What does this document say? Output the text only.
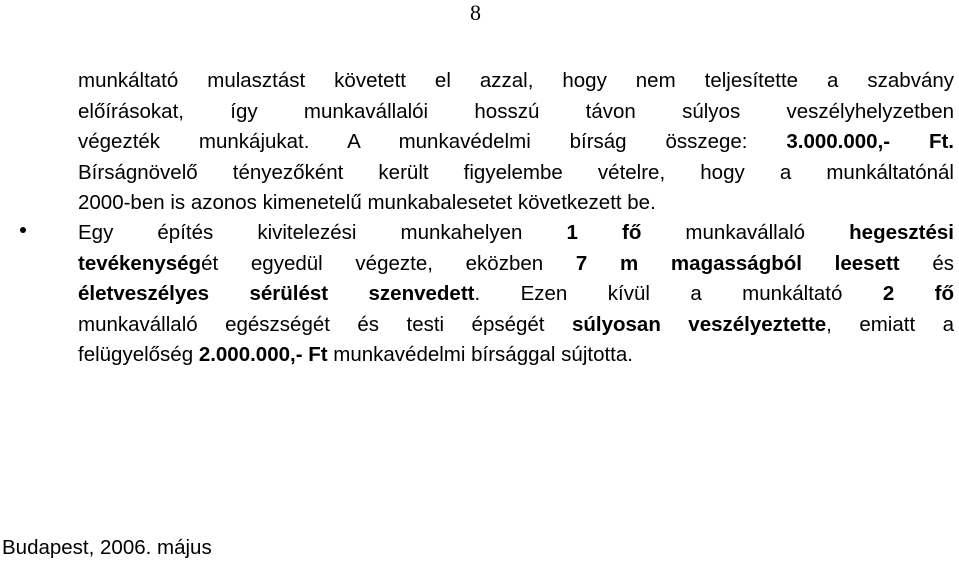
8
munkáltató mulasztást követett el azzal, hogy nem teljesítette a szabvány
előírásokat, így munkavállalói hosszú távon súlyos veszélyhelyzetben
végezték munkájukat. A munkavédelmi bírság összege: 3.000.000,- Ft.
Bírságnövelő tényezőként került figyelembe vételre, hogy a munkáltatónál
2000-ben is azonos kimenetelű munkabalesetet következett be.
Egy építés kivitelezési munkahelyen 1 fő munkavállaló hegesztési
tevékenységét egyedül végezte, eközben 7 m magasságból leesett és
életveszélyes sérülést szenvedett. Ezen kívül a munkáltató 2 fő
munkavállaló egészségét és testi épségét súlyosan veszélyeztette, emiatt a
felügyelőség 2.000.000,- Ft munkavédelmi bírsággal sújtotta.
Budapest, 2006. május
